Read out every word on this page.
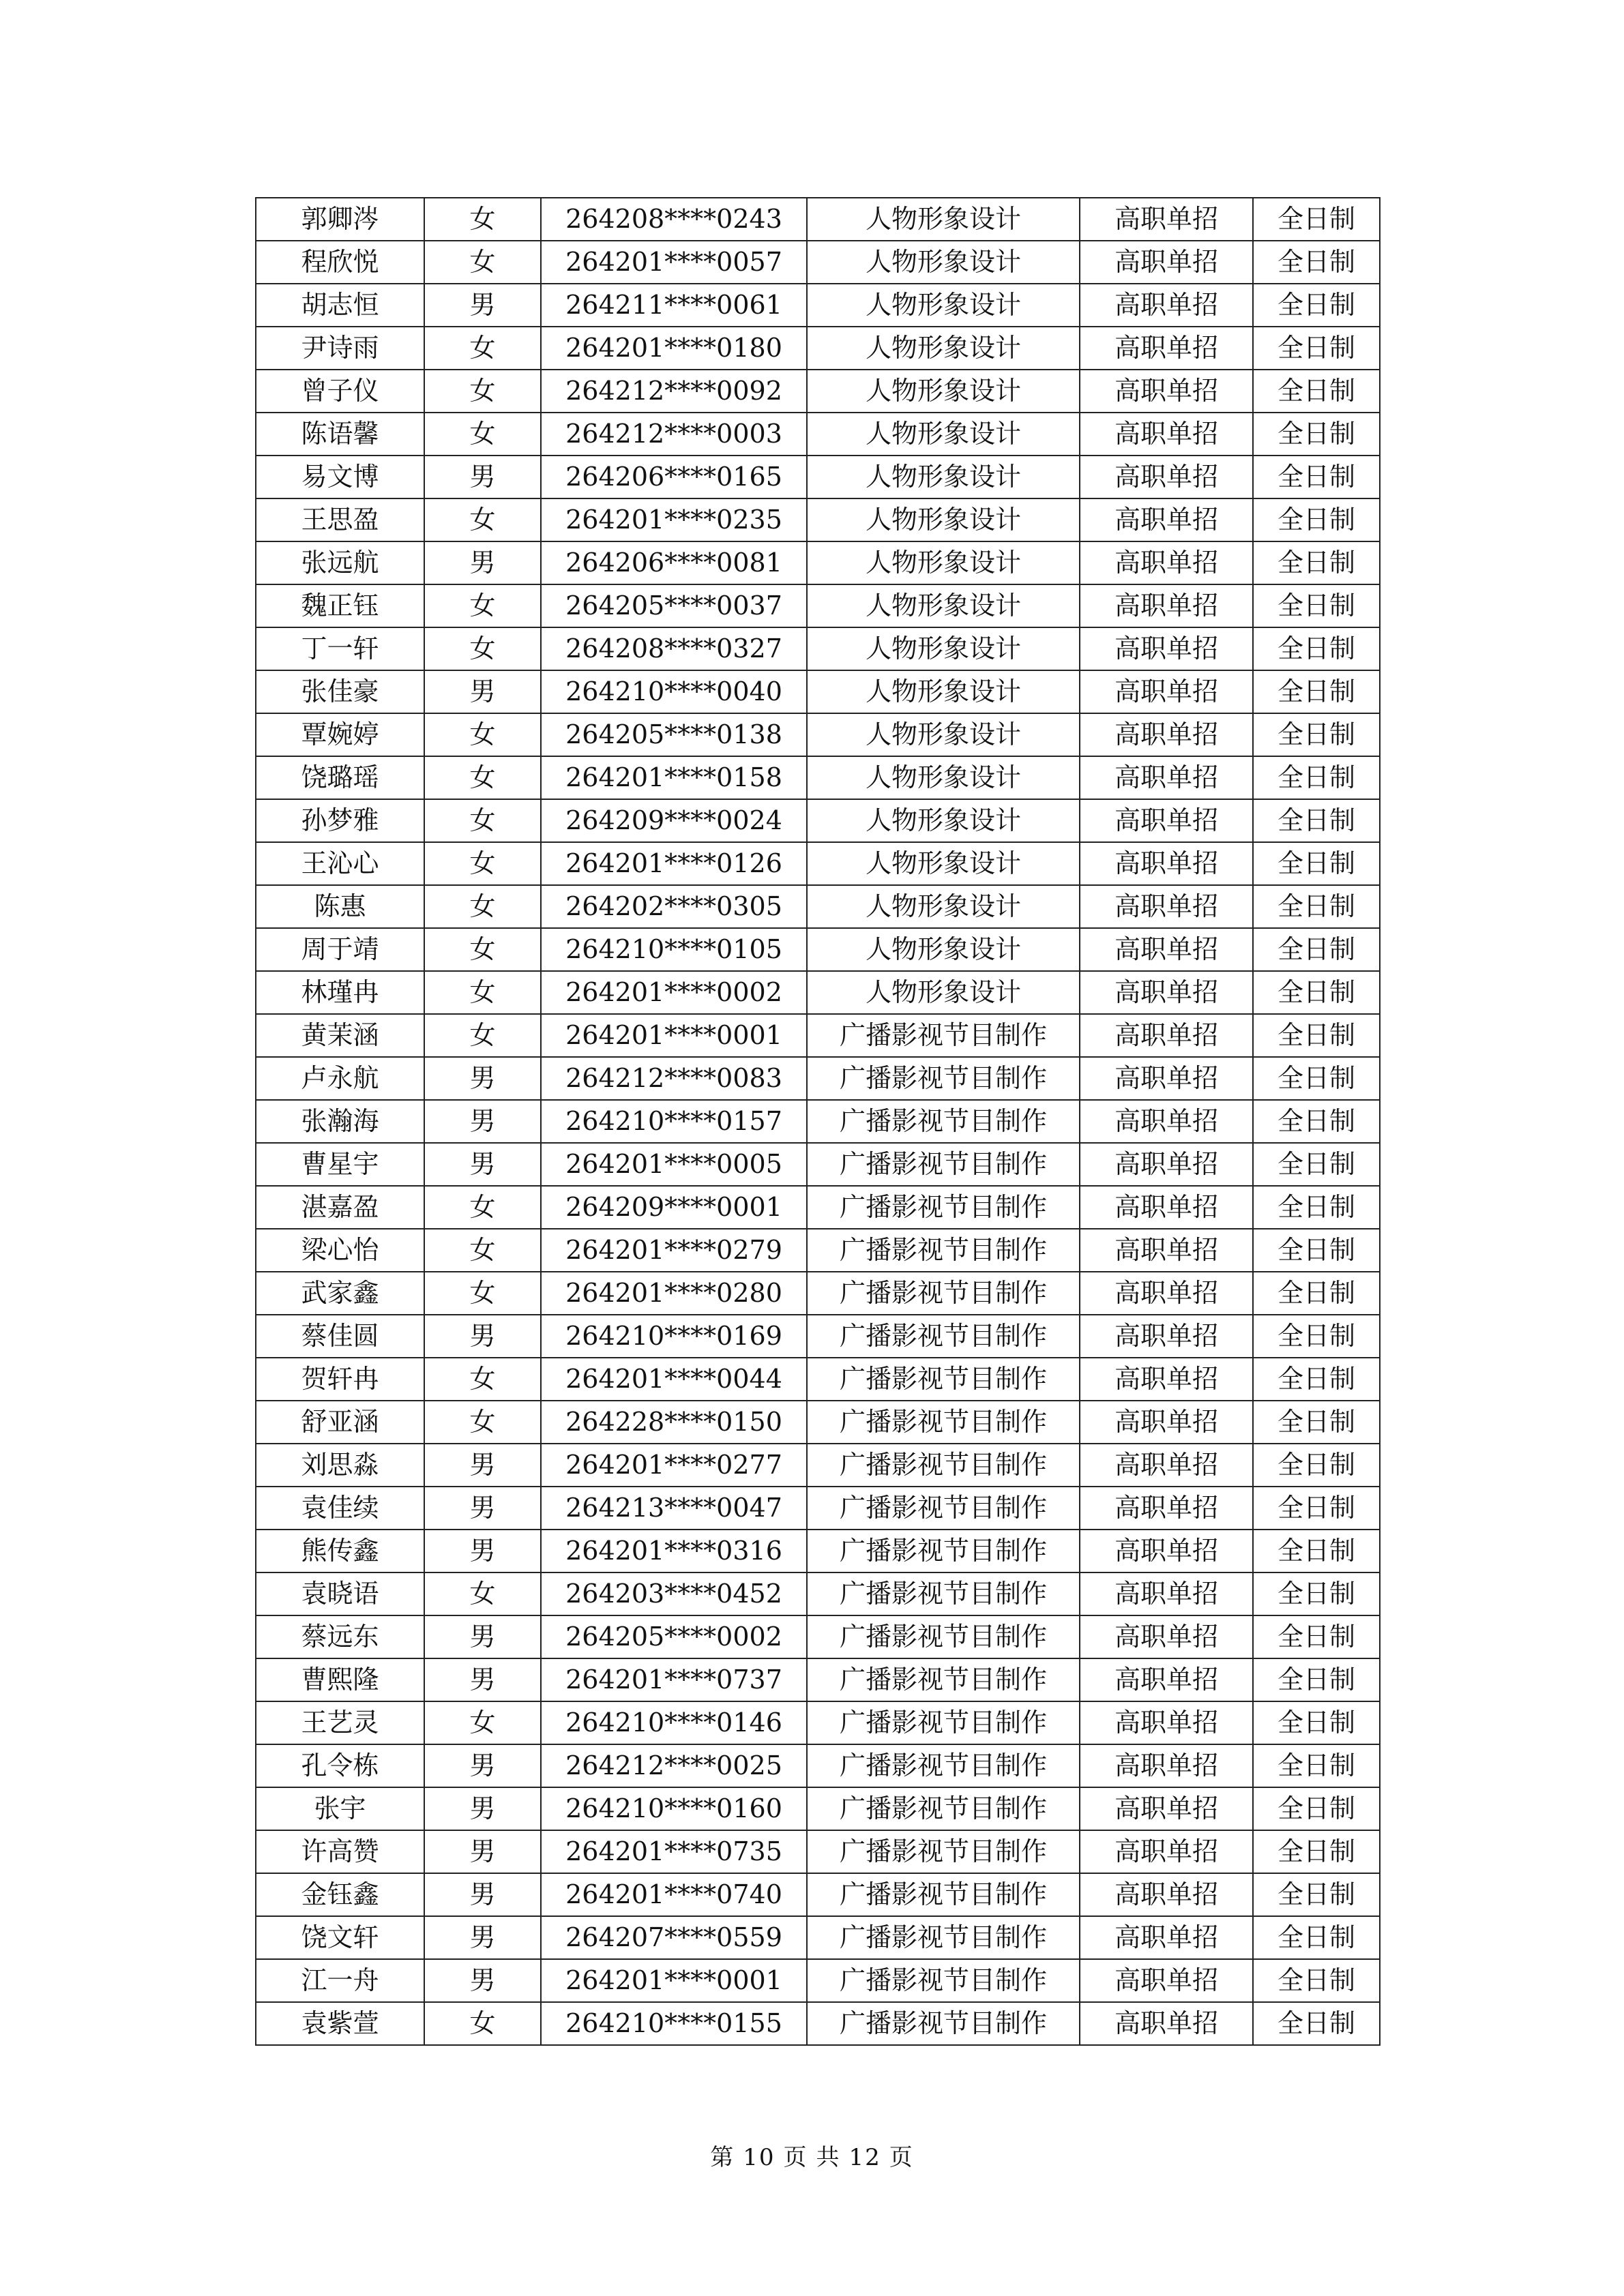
郭卿涔	女	264208****0243	人物形象设计	高职单招	全日制
程欣悦	女	264201****0057	人物形象设计	高职单招	全日制
胡志恒	男	264211****0061	人物形象设计	高职单招	全日制
尹诗雨	女	264201****0180	人物形象设计	高职单招	全日制
曾子仪	女	264212****0092	人物形象设计	高职单招	全日制
陈语馨	女	264212****0003	人物形象设计	高职单招	全日制
易文博	男	264206****0165	人物形象设计	高职单招	全日制
王思盈	女	264201****0235	人物形象设计	高职单招	全日制
张远航	男	264206****0081	人物形象设计	高职单招	全日制
魏正钰	女	264205****0037	人物形象设计	高职单招	全日制
丁一轩	女	264208****0327	人物形象设计	高职单招	全日制
张佳豪	男	264210****0040	人物形象设计	高职单招	全日制
覃婉婷	女	264205****0138	人物形象设计	高职单招	全日制
饶璐瑶	女	264201****0158	人物形象设计	高职单招	全日制
孙梦雅	女	264209****0024	人物形象设计	高职单招	全日制
王沁心	女	264201****0126	人物形象设计	高职单招	全日制
陈惠	女	264202****0305	人物形象设计	高职单招	全日制
周于靖	女	264210****0105	人物形象设计	高职单招	全日制
林瑾冉	女	264201****0002	人物形象设计	高职单招	全日制
黄茉涵	女	264201****0001	广播影视节目制作	高职单招	全日制
卢永航	男	264212****0083	广播影视节目制作	高职单招	全日制
张瀚海	男	264210****0157	广播影视节目制作	高职单招	全日制
曹星宇	男	264201****0005	广播影视节目制作	高职单招	全日制
湛嘉盈	女	264209****0001	广播影视节目制作	高职单招	全日制
梁心怡	女	264201****0279	广播影视节目制作	高职单招	全日制
武家鑫	女	264201****0280	广播影视节目制作	高职单招	全日制
蔡佳圆	男	264210****0169	广播影视节目制作	高职单招	全日制
贺轩冉	女	264201****0044	广播影视节目制作	高职单招	全日制
舒亚涵	女	264228****0150	广播影视节目制作	高职单招	全日制
刘思淼	男	264201****0277	广播影视节目制作	高职单招	全日制
袁佳续	男	264213****0047	广播影视节目制作	高职单招	全日制
熊传鑫	男	264201****0316	广播影视节目制作	高职单招	全日制
袁晓语	女	264203****0452	广播影视节目制作	高职单招	全日制
蔡远东	男	264205****0002	广播影视节目制作	高职单招	全日制
曹熙隆	男	264201****0737	广播影视节目制作	高职单招	全日制
王艺灵	女	264210****0146	广播影视节目制作	高职单招	全日制
孔令栋	男	264212****0025	广播影视节目制作	高职单招	全日制
张宇	男	264210****0160	广播影视节目制作	高职单招	全日制
许高赞	男	264201****0735	广播影视节目制作	高职单招	全日制
金钰鑫	男	264201****0740	广播影视节目制作	高职单招	全日制
饶文轩	男	264207****0559	广播影视节目制作	高职单招	全日制
江一舟	男	264201****0001	广播影视节目制作	高职单招	全日制
袁紫萱	女	264210****0155	广播影视节目制作	高职单招	全日制
第 10 页 共 12 页
